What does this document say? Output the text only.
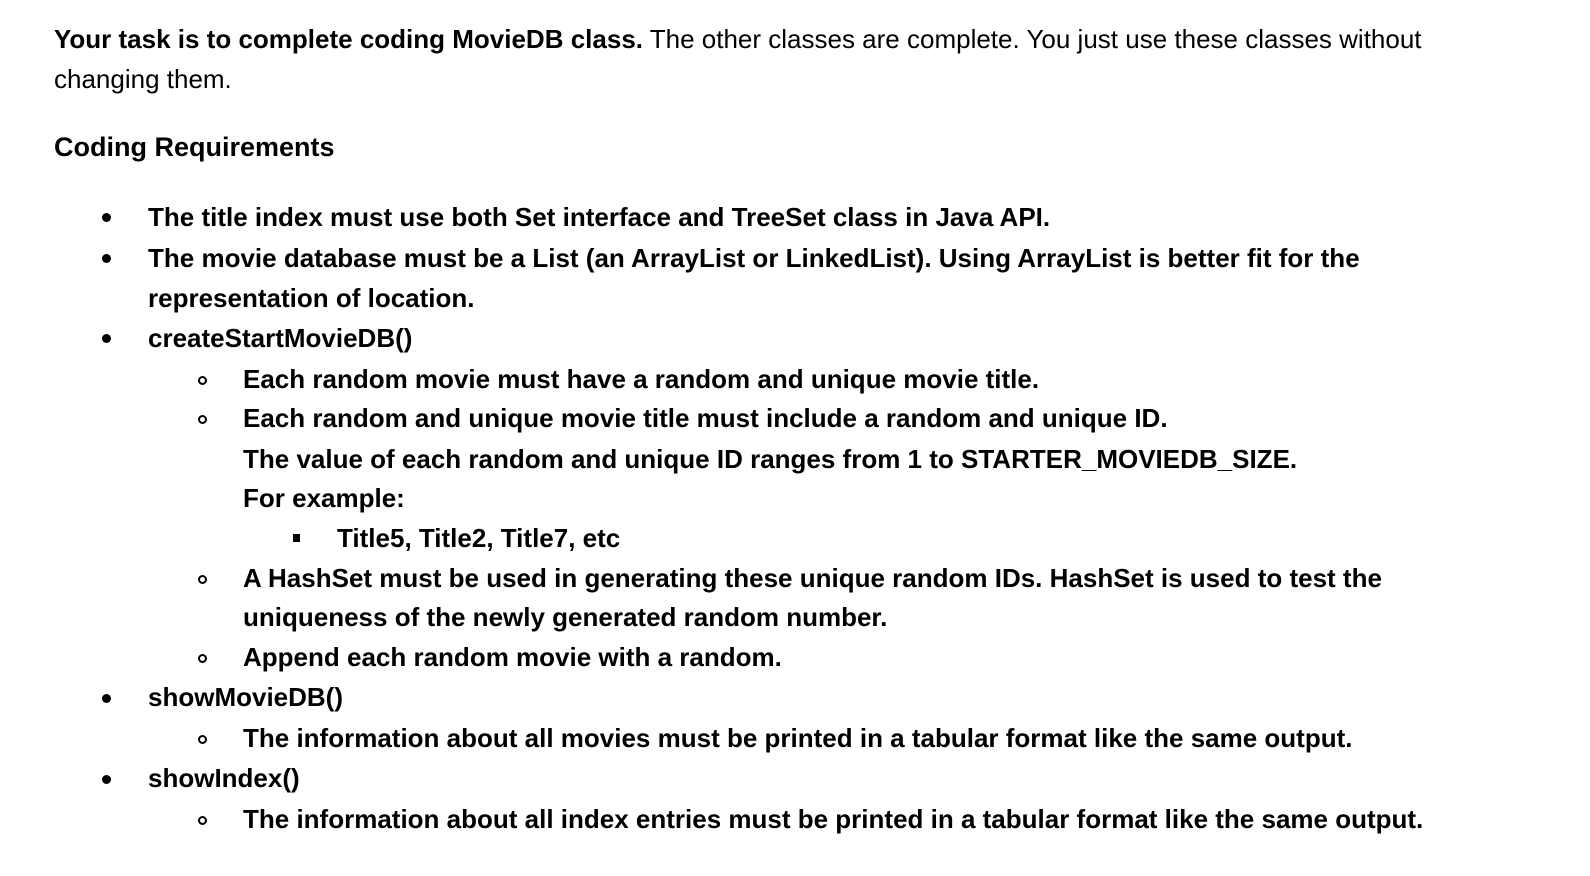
Your task is to complete coding MovieDB class. The other classes are complete. You just use these classes without
changing them.
Coding Requirements
The title index must use both Set interface and TreeSet class in Java API.
The movie database must be a List (an ArrayList or LinkedList). Using ArrayList is better fit for the
representation of location.
createStartMovieDB()
Each random movie must have a random and unique movie title.
Each random and unique movie title must include a random and unique ID.
The value of each random and unique ID ranges from 1 to STARTER_MOVIEDB_SIZE.
For example:
Title5, Title2, Title7, etc
A HashSet must be used in generating these unique random IDs. HashSet is used to test the
uniqueness of the newly generated random number.
Append each random movie with a random.
showMovieDB()
The information about all movies must be printed in a tabular format like the same output.
showIndex()
The information about all index entries must be printed in a tabular format like the same output.
